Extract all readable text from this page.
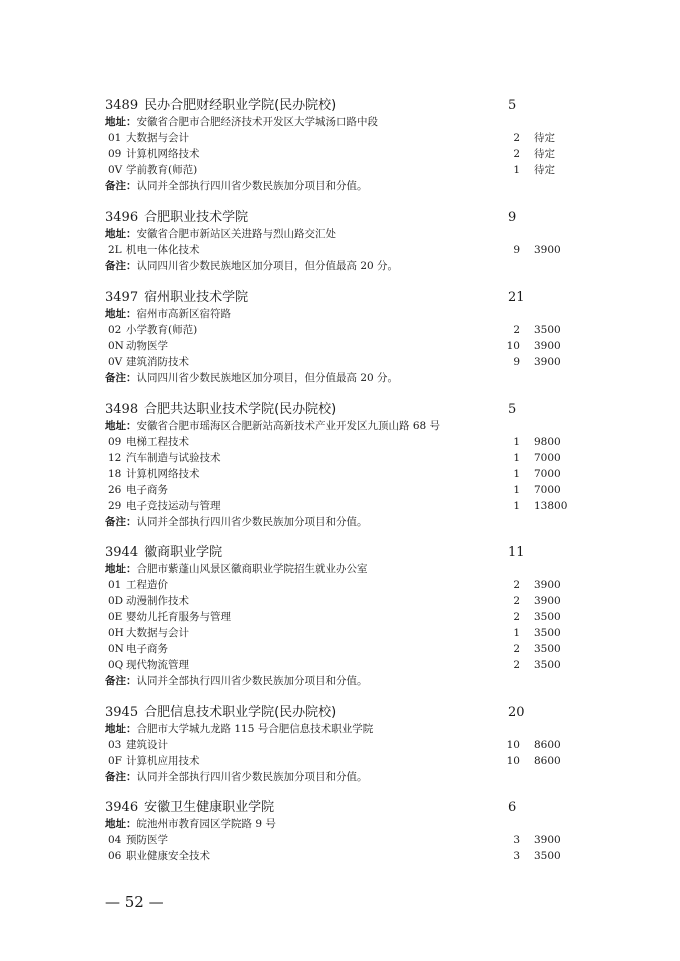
3489 民办合肥财经职业学院(民办院校)	5
地址：安徽省合肥市合肥经济技术开发区大学城汤口路中段
01 大数据与会计	2 待定
09 计算机网络技术	2 待定
0V 学前教育(师范)	1 待定
备注：认同并全部执行四川省少数民族加分项目和分值。
3496 合肥职业技术学院	9
地址：安徽省合肥市新站区关进路与烈山路交汇处
2L 机电一体化技术	9 3900
备注：认同四川省少数民族地区加分项目，但分值最高 20 分。
3497 宿州职业技术学院	21
地址：宿州市高新区宿符路
02 小学教育(师范)	2 3500
0N 动物医学	10 3900
0V 建筑消防技术	9 3900
备注：认同四川省少数民族地区加分项目，但分值最高 20 分。
3498 合肥共达职业技术学院(民办院校)	5
地址：安徽省合肥市瑶海区合肥新站高新技术产业开发区九顶山路 68 号
09 电梯工程技术	1 9800
12 汽车制造与试验技术	1 7000
18 计算机网络技术	1 7000
26 电子商务	1 7000
29 电子竞技运动与管理	1 13800
备注：认同并全部执行四川省少数民族加分项目和分值。
3944 徽商职业学院	11
地址：合肥市紫蓬山风景区徽商职业学院招生就业办公室
01 工程造价	2 3900
0D 动漫制作技术	2 3900
0E 婴幼儿托育服务与管理	2 3500
0H 大数据与会计	1 3500
0N 电子商务	2 3500
0Q 现代物流管理	2 3500
备注：认同并全部执行四川省少数民族加分项目和分值。
3945 合肥信息技术职业学院(民办院校)	20
地址：合肥市大学城九龙路 115 号合肥信息技术职业学院
03 建筑设计	10 8600
0F 计算机应用技术	10 8600
备注：认同并全部执行四川省少数民族加分项目和分值。
3946 安徽卫生健康职业学院	6
地址：皖池州市教育园区学院路 9 号
04 预防医学	3 3900
06 职业健康安全技术	3 3500
— 52 —
